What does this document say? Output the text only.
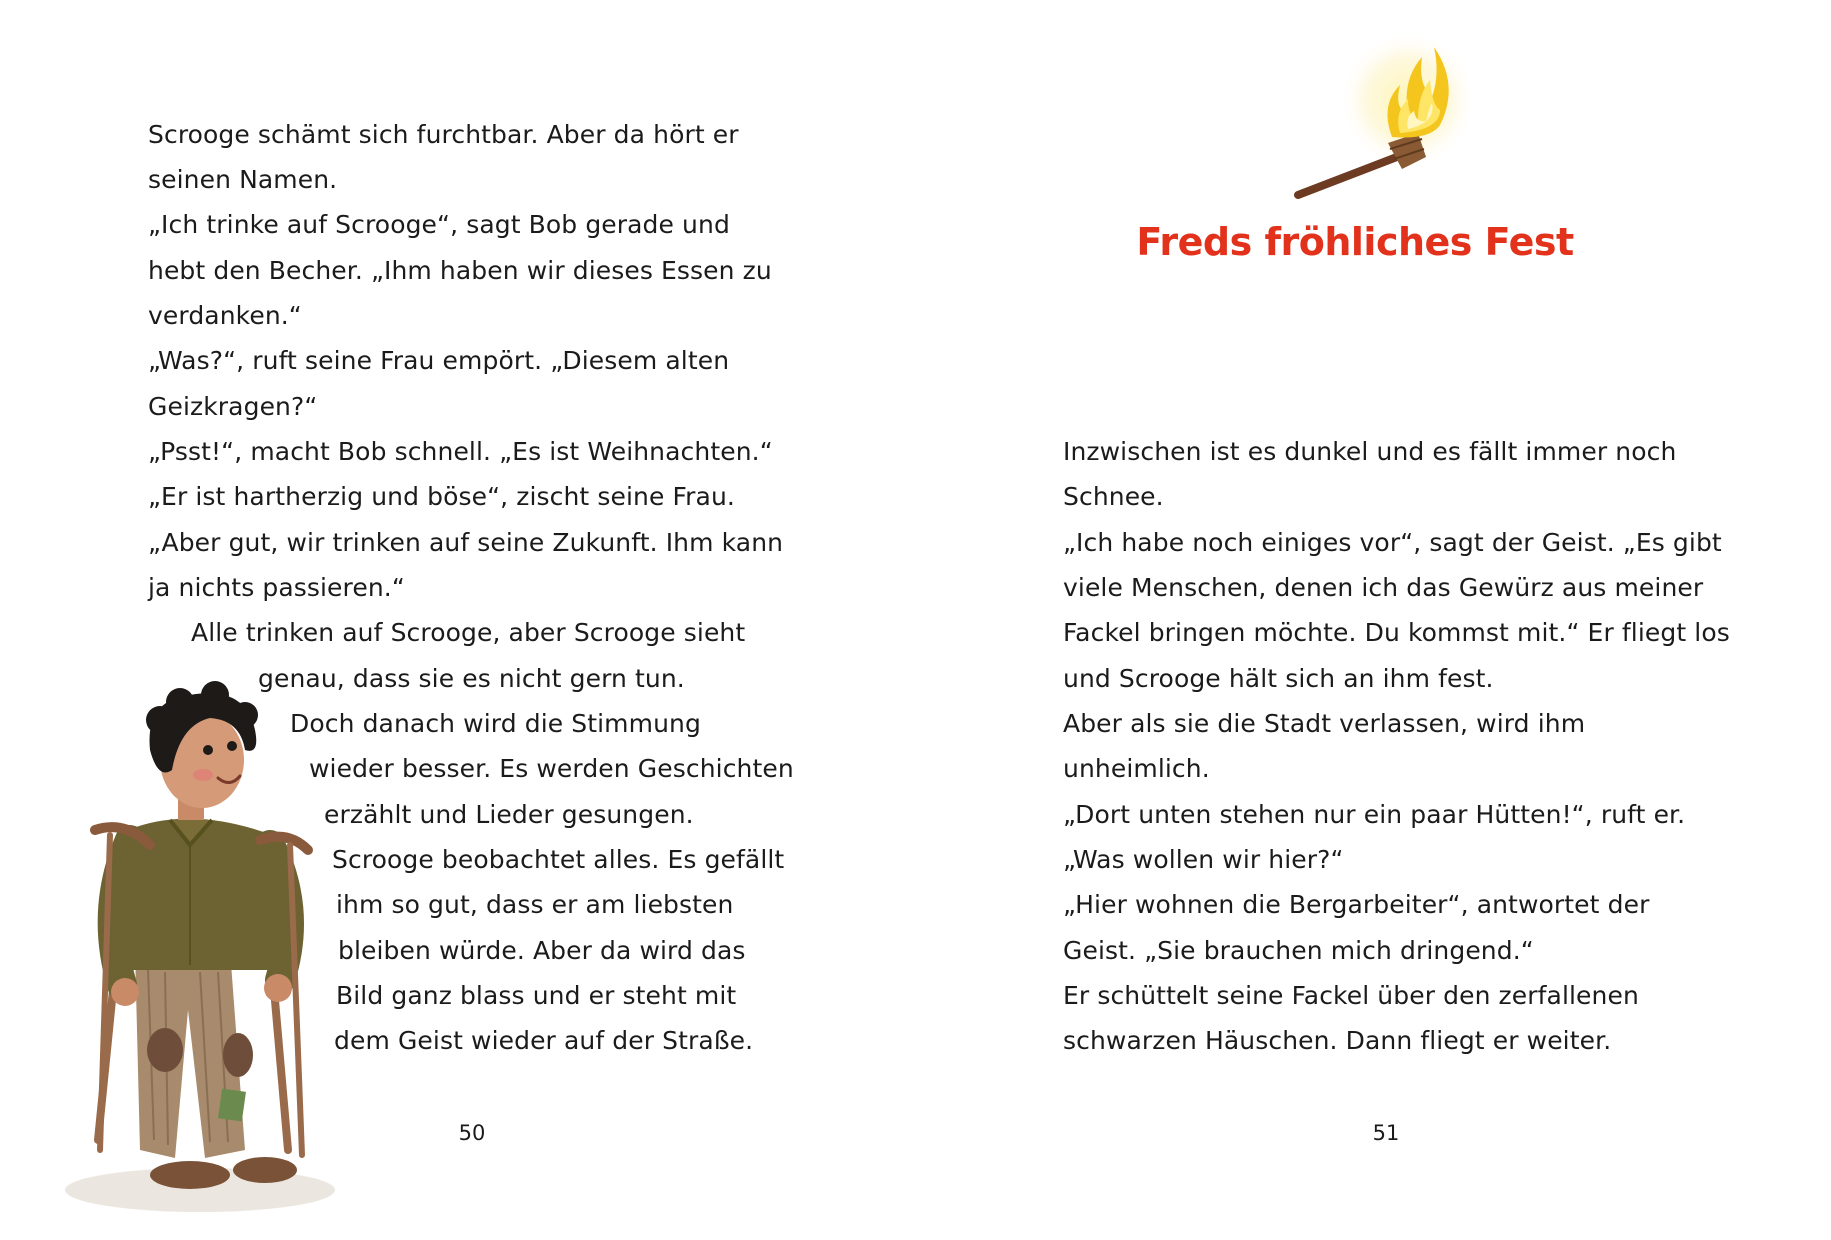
Scrooge schämt sich furchtbar. Aber da hört er
seinen Namen.
„Ich trinke auf Scrooge“, sagt Bob gerade und
hebt den Becher. „Ihm haben wir dieses Essen zu
verdanken.“
„Was?“, ruft seine Frau empört. „Diesem alten
Geizkragen?“
„Psst!“, macht Bob schnell. „Es ist Weihnachten.“
„Er ist hartherzig und böse“, zischt seine Frau.
„Aber gut, wir trinken auf seine Zukunft. Ihm kann
ja nichts passieren.“
Alle trinken auf Scrooge, aber Scrooge sieht
genau, dass sie es nicht gern tun.
Doch danach wird die Stimmung
wieder besser. Es werden Geschichten
erzählt und Lieder gesungen.
Scrooge beobachtet alles. Es gefällt
ihm so gut, dass er am liebsten
bleiben würde. Aber da wird das
Bild ganz blass und er steht mit
dem Geist wieder auf der Straße.
50
Freds fröhliches Fest
Inzwischen ist es dunkel und es fällt immer noch
Schnee.
„Ich habe noch einiges vor“, sagt der Geist. „Es gibt
viele Menschen, denen ich das Gewürz aus meiner
Fackel bringen möchte. Du kommst mit.“ Er fliegt los
und Scrooge hält sich an ihm fest.
Aber als sie die Stadt verlassen, wird ihm
unheimlich.
„Dort unten stehen nur ein paar Hütten!“, ruft er.
„Was wollen wir hier?“
„Hier wohnen die Bergarbeiter“, antwortet der
Geist. „Sie brauchen mich dringend.“
Er schüttelt seine Fackel über den zerfallenen
schwarzen Häuschen. Dann fliegt er weiter.
51
